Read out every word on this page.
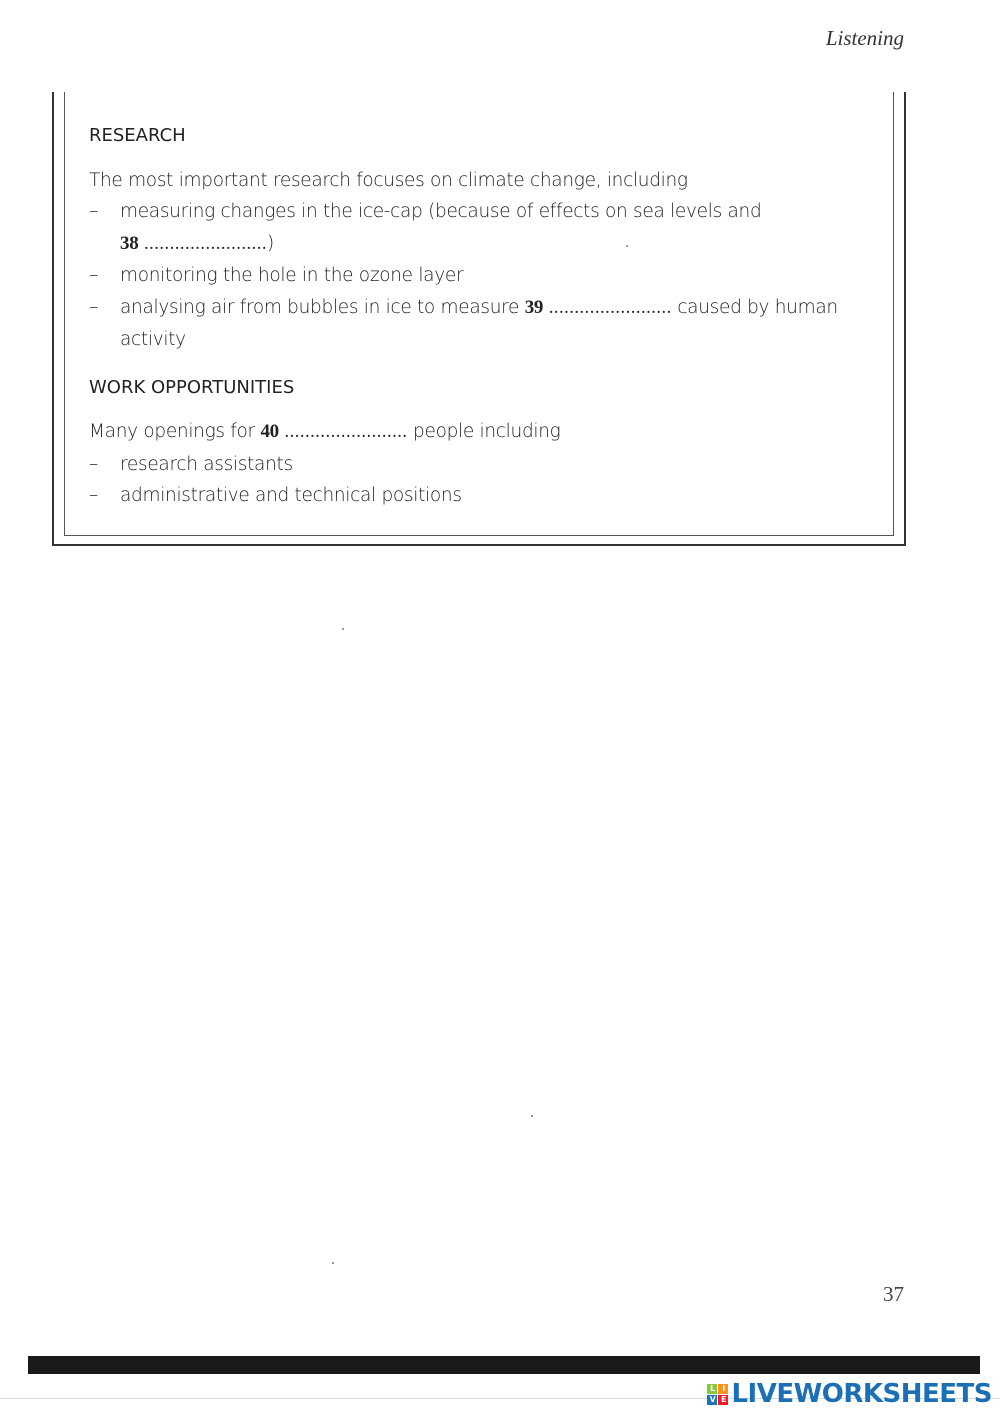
Listening
RESEARCH

The most important research focuses on climate change, including

– measuring changes in the ice-cap (because of effects on sea levels and
38 ........................)
– monitoring the hole in the ozone layer
– analysing air from bubbles in ice to measure 39 ........................ caused by human activity
WORK OPPORTUNITIES

Many openings for 40 ........................ people including

– research assistants
– administrative and technical positions
37
L I
V E LIVEWORKSHEETS
